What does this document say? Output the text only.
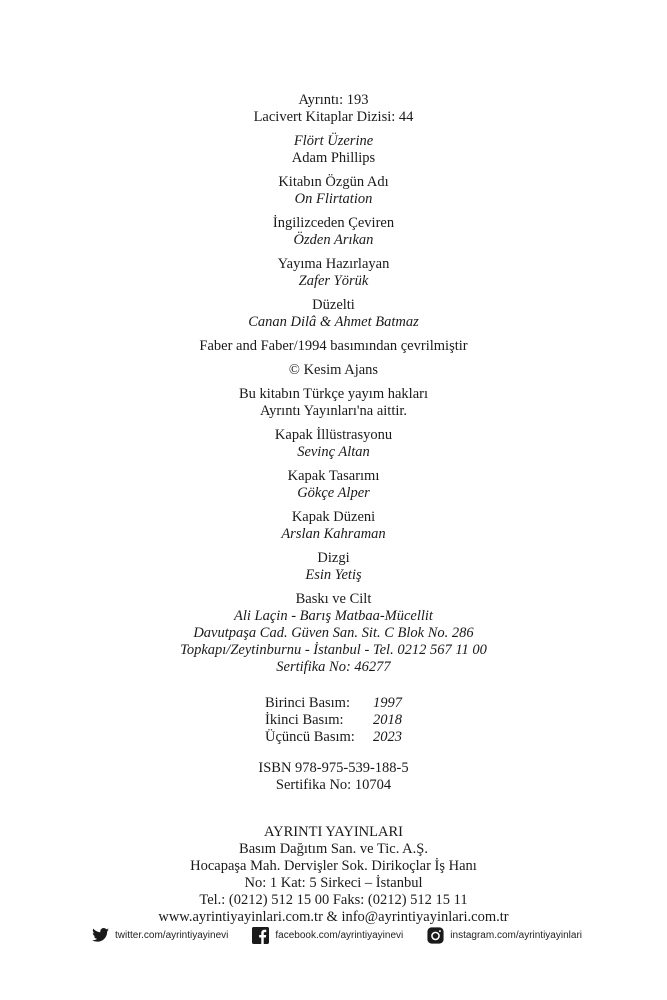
Ayrıntı: 193
Lacivert Kitaplar Dizisi: 44
Flört Üzerine
Adam Phillips
Kitabın Özgün Adı
On Flirtation
İngilizceden Çeviren
Özden Arıkan
Yayıma Hazırlayan
Zafer Yörük
Düzelti
Canan Dilâ & Ahmet Batmaz
Faber and Faber/1994 basımından çevrilmiştir
© Kesim Ajans
Bu kitabın Türkçe yayım hakları
Ayrıntı Yayınları'na aittir.
Kapak İllüstrasyonu
Sevinç Altan
Kapak Tasarımı
Gökçe Alper
Kapak Düzeni
Arslan Kahraman
Dizgi
Esin Yetiş
Baskı ve Cilt
Ali Laçin - Barış Matbaa-Mücellit
Davutpaşa Cad. Güven San. Sit. C Blok No. 286
Topkapı/Zeytinburnu - İstanbul - Tel. 0212 567 11 00
Sertifika No: 46277
Birinci Basım:	1997
İkinci Basım:	2018
Üçüncü Basım:	2023
ISBN 978-975-539-188-5
Sertifika No: 10704
AYRINTI YAYINLARI
Basım Dağıtım San. ve Tic. A.Ş.
Hocapaşa Mah. Dervişler Sok. Dirikoçlar İş Hanı
No: 1 Kat: 5 Sirkeci – İstanbul
Tel.: (0212) 512 15 00 Faks: (0212) 512 15 11
www.ayrintiyayinlari.com.tr & info@ayrintiyayinlari.com.tr
twitter.com/ayrintiyayinevi	facebook.com/ayrintiyayinevi	instagram.com/ayrintiyayinlari
